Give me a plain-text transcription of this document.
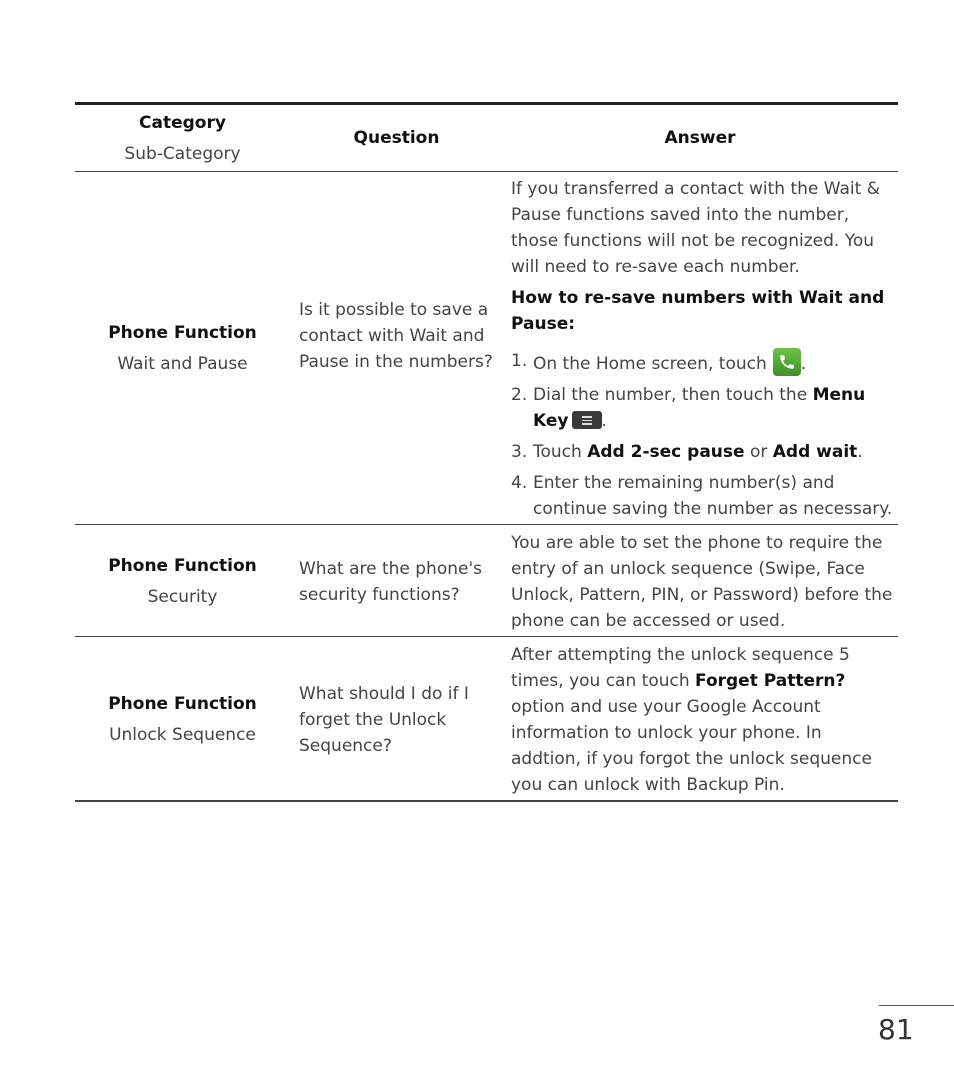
Category
Sub-Category
Question	Answer
Phone Function
Wait and Pause
Is it possible to save a contact with Wait and Pause in the numbers?

If you transferred a contact with the Wait & Pause functions saved into the number, those functions will not be recognized. You will need to re-save each number.

How to re-save numbers with Wait and Pause:

1. On the Home screen, touch .
2. Dial the number, then touch the Menu Key .
3. Touch Add 2-sec pause or Add wait.
4. Enter the remaining number(s) and continue saving the number as necessary.
Phone Function
Security
What are the phone's security functions?
You are able to set the phone to require the entry of an unlock sequence (Swipe, Face Unlock, Pattern, PIN, or Password) before the phone can be accessed or used.
Phone Function
Unlock Sequence
What should I do if I forget the Unlock Sequence?
After attempting the unlock sequence 5 times, you can touch Forget Pattern? option and use your Google Account information to unlock your phone. In addtion, if you forgot the unlock sequence you can unlock with Backup Pin.
81
